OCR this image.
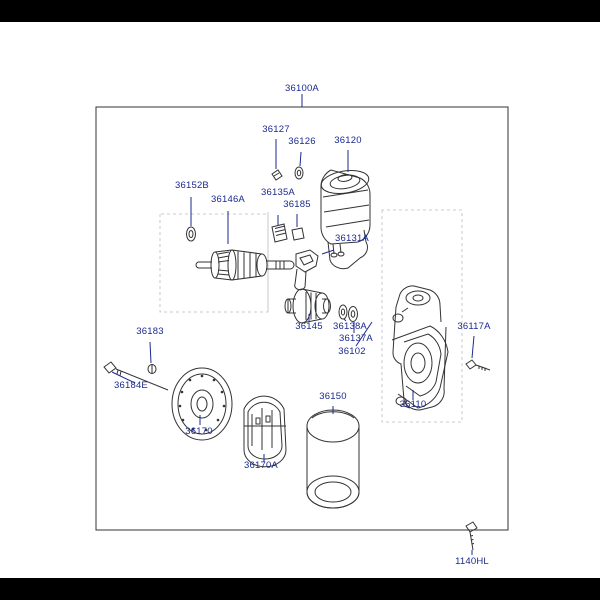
36100A
36127
36126 36120
36152B
36146A
36135A
36185
36131A
36183	36145 36138A
36137A
36102
36117A
36184E
36170
36150
36110
36170A
1140HL
